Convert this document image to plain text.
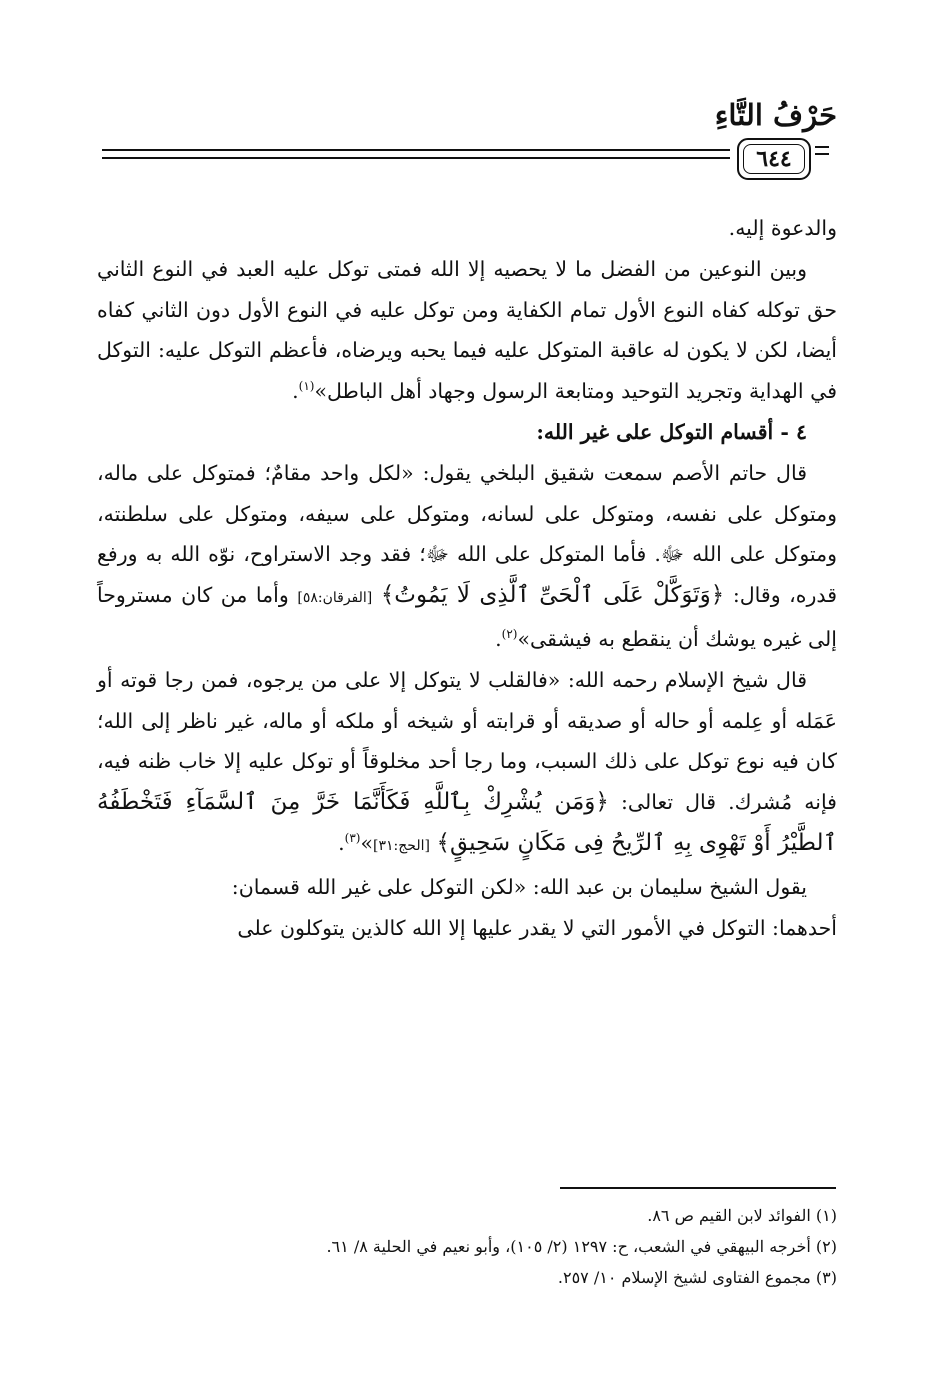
حَرْفُ التَّاءِ
٦٤٤

والدعوة إليه.

وبين النوعين من الفضل ما لا يحصيه إلا الله فمتى توكل عليه العبد في النوع الثاني حق توكله كفاه النوع الأول تمام الكفاية ومن توكل عليه في النوع الأول دون الثاني كفاه أيضا، لكن لا يكون له عاقبة المتوكل عليه فيما يحبه ويرضاه، فأعظم التوكل عليه: التوكل في الهداية وتجريد التوحيد ومتابعة الرسول وجهاد أهل الباطل»$^{(١)}$.

٤ - أقسام التوكل على غير الله:

قال حاتم الأصم سمعت شقيق البلخي يقول: «لكل واحد مقامٌ؛ فمتوكل على ماله، ومتوكل على نفسه، ومتوكل على لسانه، ومتوكل على سيفه، ومتوكل على سلطنته، ومتوكل على الله ﷻ. فأما المتوكل على الله ﷻ؛ فقد وجد الاستراوح، نوّه الله به ورفع قدره، وقال: ﴿وَتَوَكَّلْ عَلَى ٱلْحَىِّ ٱلَّذِى لَا يَمُوتُ﴾ [الفرقان:٥٨] وأما من كان مستروحاً إلى غيره يوشك أن ينقطع به فيشقى»$^{(٢)}$.

قال شيخ الإسلام رحمه الله: «فالقلب لا يتوكل إلا على من يرجوه، فمن رجا قوته أو عَمَله أو عِلمه أو حاله أو صديقه أو قرابته أو شيخه أو ملكه أو ماله، غير ناظر إلى الله؛ كان فيه نوع توكل على ذلك السبب، وما رجا أحد مخلوقاً أو توكل عليه إلا خاب ظنه فيه، فإنه مُشرك. قال تعالى: ﴿وَمَن يُشْرِكْ بِٱللَّهِ فَكَأَنَّمَا خَرَّ مِنَ ٱلسَّمَآءِ فَتَخْطَفُهُ ٱلطَّيْرُ أَوْ تَهْوِى بِهِ ٱلرِّيحُ فِى مَكَانٍ سَحِيقٍ﴾ [الحج:٣١]»$^{(٣)}$.

يقول الشيخ سليمان بن عبد الله: «لكن التوكل على غير الله قسمان:

أحدهما: التوكل في الأمور التي لا يقدر عليها إلا الله كالذين يتوكلون على

(١) الفوائد لابن القيم ص ٨٦.
(٢) أخرجه البيهقي في الشعب، ح: ١٢٩٧ (٢/ ١٠٥)، وأبو نعيم في الحلية ٨/ ٦١.
(٣) مجموع الفتاوى لشيخ الإسلام ١٠/ ٢٥٧.
